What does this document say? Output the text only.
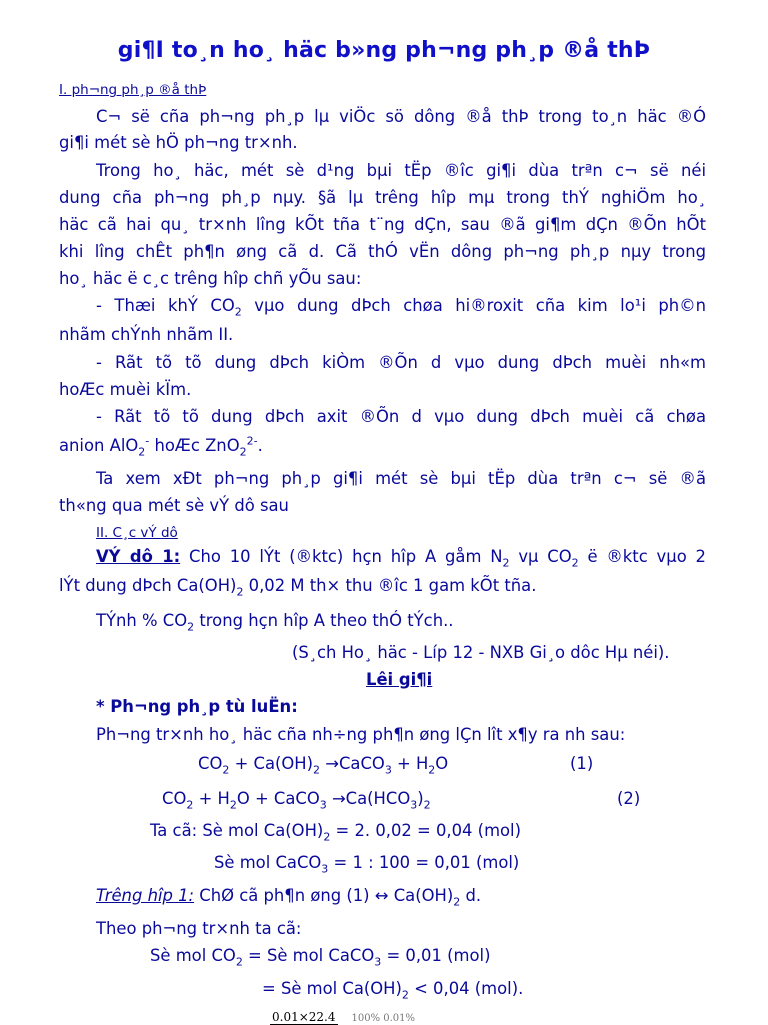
gi¶I to¸n ho¸ häc b»ng ph¬ng ph¸p ®å thÞ
I. ph¬ng ph¸p ®å thÞ
C¬ së cña ph¬ng ph¸p lµ viÖc sö dông ®å thÞ trong to¸n häc ®Ó
gi¶i mét sè hÖ ph¬ng tr×nh.
Trong ho¸ häc, mét sè d¹ng bµi tËp ®îc gi¶i dùa trªn c¬ së néi
dung cña ph¬ng ph¸p nµy. §ã lµ trêng hîp mµ trong thÝ nghiÖm ho¸
häc cã hai qu¸ tr×nh lîng kÕt tña t¨ng dÇn, sau ®ã gi¶m dÇn ®Õn hÕt
khi lîng chÊt ph¶n øng cã d. Cã thÓ vËn dông ph¬ng ph¸p nµy trong
ho¸ häc ë c¸c trêng hîp chñ yÕu sau:
- Thæi khÝ $CO_2$ vµo dung dÞch chøa hi®roxit cña kim lo¹i ph©n
nhãm chÝnh nhãm II.
- Rãt tõ tõ dung dÞch kiÒm ®Õn d vµo dung dÞch muèi nh«m
hoÆc muèi kÏm.
- Rãt tõ tõ dung dÞch axit ®Õn d vµo dung dÞch muèi cã chøa
anion AlO$_2$- hoÆc ZnO$_2^{2-}$.
Ta xem xÐt ph¬ng ph¸p gi¶i mét sè bµi tËp dùa trªn c¬ së ®ã
th«ng qua mét sè vÝ dô sau
II. C¸c vÝ dô
VÝ dô 1: Cho 10 lÝt (®ktc) hçn hîp A gåm $N_2$ vµ $CO_2$ ë ®ktc vµo 2
lÝt dung dÞch $Ca(OH)_2$ 0,02 M th× thu ®îc 1 gam kÕt tña.
TÝnh % $CO_2$ trong hçn hîp A theo thÓ tÝch..
(S¸ch Ho¸ häc - Líp 12 - NXB Gi¸o dôc Hµ néi).
Lêi gi¶i
* Ph¬ng ph¸p tù luËn:
Ph¬ng tr×nh ho¸ häc cña nh÷ng ph¶n øng lÇn lît x¶y ra nh sau:
$CO_2 + Ca(OH)_2$ →CaCO$_3$ + $H_2O$	(1)
$CO_2 + H_2O$ + CaCO$_3$ $\to Ca(HCO_3)_2$	(2)
Ta cã: Sè mol $Ca(OH)_2 = 2$. 0,02 = 0,04 (mol)
Sè mol CaCO$_3$ = 1 : 100 = 0,01 (mol)
Trêng hîp 1: ChØ cã ph¶n øng (1) ↔ $Ca(OH)_2$ d.
Theo ph¬ng tr×nh ta cã:
Sè mol $CO_2$ = Sè mol CaCO$_3$ = 0,01 (mol)
= Sè mol $Ca(OH)_2 < 0,04$ (mol).
0.01×22.4 100% 0.01%
